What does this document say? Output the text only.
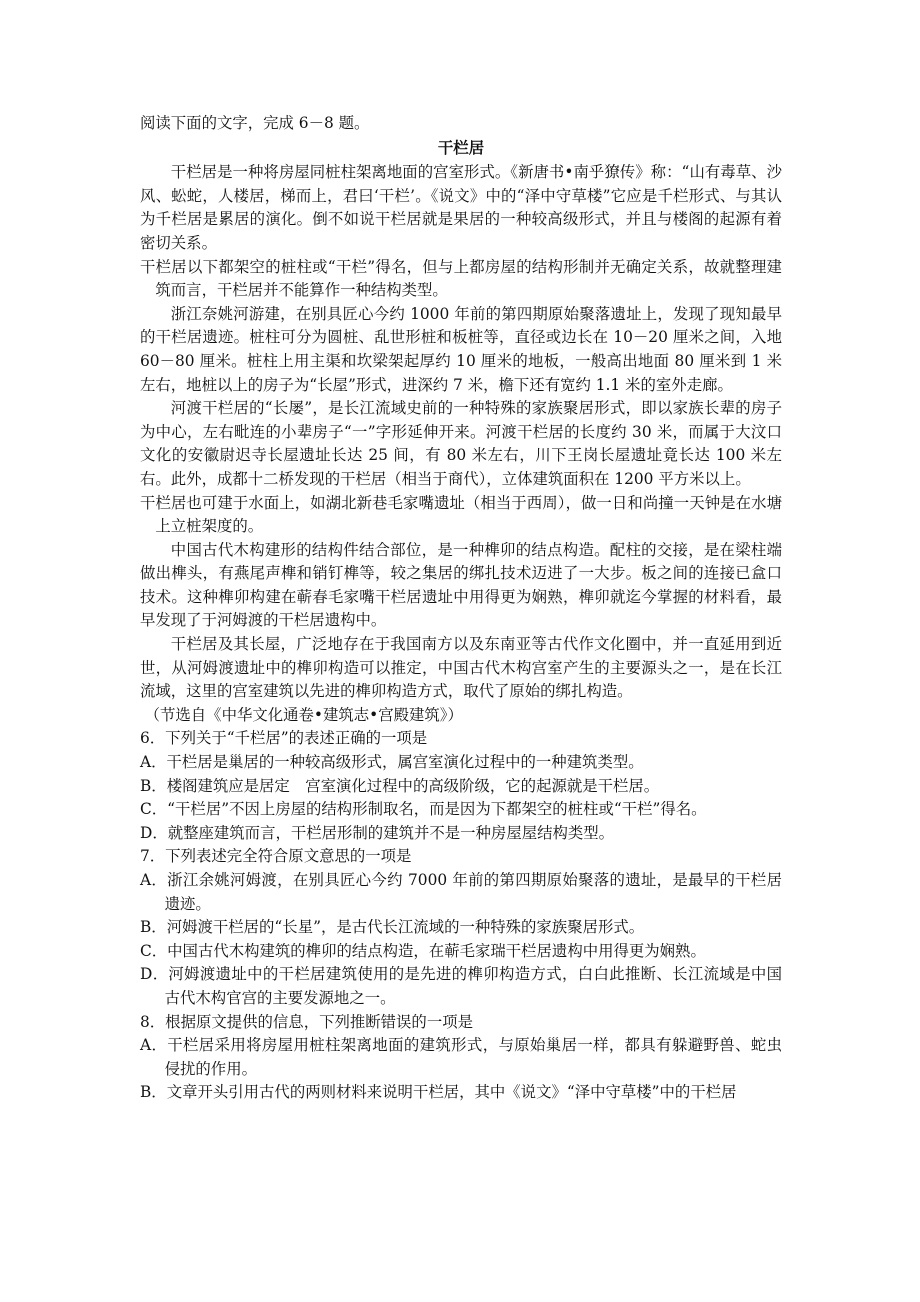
阅读下面的文字，完成 6－8 题。

干栏居

干栏居是一种将房屋同桩柱架离地面的宫室形式。《新唐书•南乎獠传》称：“山有毒草、沙风、蚣蛇，人楼居，梯而上，君曰‘干栏’。《说文》中的“泽中守草楼”它应是千栏形式、与其认为千栏居是累居的演化。倒不如说干栏居就是果居的一种较高级形式，并且与楼阁的起源有着密切关系。

干栏居以下都架空的桩柱或“干栏”得名，但与上都房屋的结构形制并无确定关系，故就整理建筑而言，干栏居并不能算作一种结构类型。

浙江奈姚河游建，在别具匠心今约 1000 年前的第四期原始聚落遗址上，发现了现知最早的干栏居遗迹。桩柱可分为圆桩、乱世形桩和板桩等，直径或边长在 10－20 厘米之间，入地 60－80 厘米。桩柱上用主渠和坎梁架起厚约 10 厘米的地板，一般高出地面 80 厘米到 1 米左右，地桩以上的房子为“长屋”形式，进深约 7 米，檐下还有宽约 1.1 米的室外走廊。

河渡干栏居的“长屡”，是长江流域史前的一种特殊的家族聚居形式，即以家族长辈的房子为中心，左右毗连的小辈房子“一”字形延伸开来。河渡干栏居的长度约 30 米，而属于大汶口文化的安徽尉迟寺长屋遗址长达 25 间，有 80 米左右，川下王岗长屋遗址竟长达 100 米左右。此外，成都十二桥发现的干栏居（相当于商代），立体建筑面积在 1200 平方米以上。

干栏居也可建于水面上，如湖北新巷毛家嘴遗址（相当于西周），做一日和尚撞一天钟是在水塘上立桩架度的。

中国古代木构建形的结构件结合部位，是一种榫卯的结点构造。配柱的交接，是在梁柱端做出榫头，有燕尾声榫和销钉榫等，较之集居的绑扎技术迈进了一大步。板之间的连接已盒口技术。这种榫卯构建在蕲春毛家嘴干栏居遗址中用得更为娴熟，榫卯就迄今掌握的材料看，最早发现了于河姆渡的干栏居遗构中。

干栏居及其长屋，广泛地存在于我国南方以及东南亚等古代作文化圈中，并一直延用到近世，从河姆渡遗址中的榫卯构造可以推定，中国古代木构宫室产生的主要源头之一，是在长江流域，这里的宫室建筑以先进的榫卯构造方式，取代了原始的绑扎构造。

（节选自《中华文化通卷•建筑志•宫殿建筑》）

6．下列关于“千栏居”的表述正确的一项是

A．干栏居是巢居的一种较高级形式，属宫室演化过程中的一种建筑类型。

B．楼阁建筑应是居定　宫室演化过程中的高级阶级，它的起源就是干栏居。

C．“干栏居”不因上房屋的结构形制取名，而是因为下都架空的桩柱或“干栏”得名。

D．就整座建筑而言，干栏居形制的建筑并不是一种房屋屋结构类型。

7．下列表述完全符合原文意思的一项是

A．浙江余姚河姆渡，在别具匠心今约 7000 年前的第四期原始聚落的遗址，是最早的干栏居遗迹。

B．河姆渡干栏居的“长星”，是古代长江流域的一种特殊的家族聚居形式。

C．中国古代木构建筑的榫卯的结点构造，在蕲毛家瑞干栏居遗构中用得更为娴熟。

D．河姆渡遗址中的干栏居建筑使用的是先进的榫卯构造方式，白白此推断、长江流域是中国古代木构官宫的主要发源地之一。

8．根据原文提供的信息，下列推断错误的一项是

A．干栏居采用将房屋用桩柱架离地面的建筑形式，与原始巢居一样，都具有躲避野兽、蛇虫侵扰的作用。

B．文章开头引用古代的两则材料来说明干栏居，其中《说文》“泽中守草楼”中的干栏居
